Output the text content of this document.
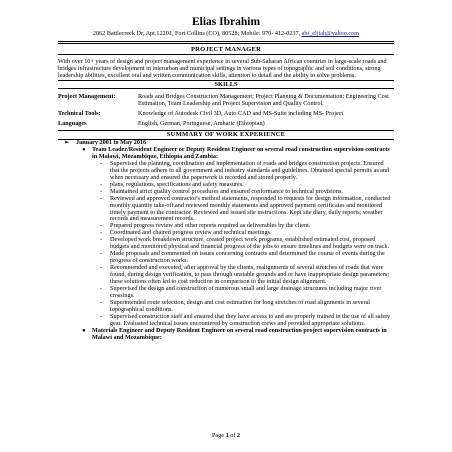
Elias Ibrahim
2062 Battlecreek Dr, Apt.12201, Fort Collins (CO), 80528; Mobile: 970- 412-0237, abi_eljiah@yahoo.com
PROJECT MANAGER
With over 10+ years of design and project management experience in several Sub-Saharan African countries in large-scale roads and bridges infrastructure development in interurban and municipal settings in various types of topographic and soil conditions, strong leadership abilities, excellent oral and written communication skills, attention to detail and the ability to solve problems.
SKILLS
Project Management:	Roads and Bridges Construction Management; Project Planning & Documentation; Engineering Cost Estimation, Team Leadership and Project Supervision and Quality Control.
Technical Tools:	Knowledge of Autodesk Civil 3D, Auto CAD and MS-Suite including MS- Project
Languages	English, German, Portuguese, Amharic (Ethiopian)
SUMMARY OF WORK EXPERIENCE
➢	January 2001 to May 2016
●	Team Leader/Resident Engineer or Deputy Resident Engineer on several road construction supervision contracts in Malawi, Mozambique, Ethiopia and Zambia:
-	Supervised the planning, coordination and implementation of roads and bridges construction projects. Ensured that the projects adhere to all government and industry standards and guidelines. Obtained special permits as and when necessary and ensured the paperwork is recorded and stored properly.
-	plans, regulations, specifications and safety measures.
-	Maintained strict quality control procedures and ensured conformance to technical provisions.
-	Reviewed and approved contractor's method statements, responded to requests for design information, conducted monthly quantity take-off and reviewed monthly statements and approved payment certificates and monitored timely payment to the contractor. Reviewed and issued site instructions. Kept site diary, daily reports; weather records and measurement records.
-	Prepared progress review and other reports required as deliverables by the client.
-	Coordinated and chaired progress review and technical meetings.
-	Developed work breakdown structure, created project work programs, established estimated cost, proposed budgets and monitored physical and financial progress of the jobs to ensure timelines and budgets were on track.
-	Made proposals and commented on issues concerning contracts and determined the course of events during the progress of construction works.
-	Recommended and executed, after approval by the clients, realignments of several stretches of roads that were found, during design verification, to pass through unstable grounds and or have inappropriate design parameters; these solutions often led to cost reduction in comparison to the initial design alignment.
-	Supervised the design and construction of numerous small and large drainage structures including major river crossings.
-	Superintended route selection, design and cost estimation for long stretches of road alignments in several topographical conditions.
-	Supervised construction staff and ensured that they have access to and are properly trained in the use of all safety gear. Evaluated technical issues encountered by construction crews and provided appropriate solutions.
●	Materials Engineer and Deputy Resident Engineer on several road construction project supervision contracts in Malawi and Mozambique:
Page 1 of 2
